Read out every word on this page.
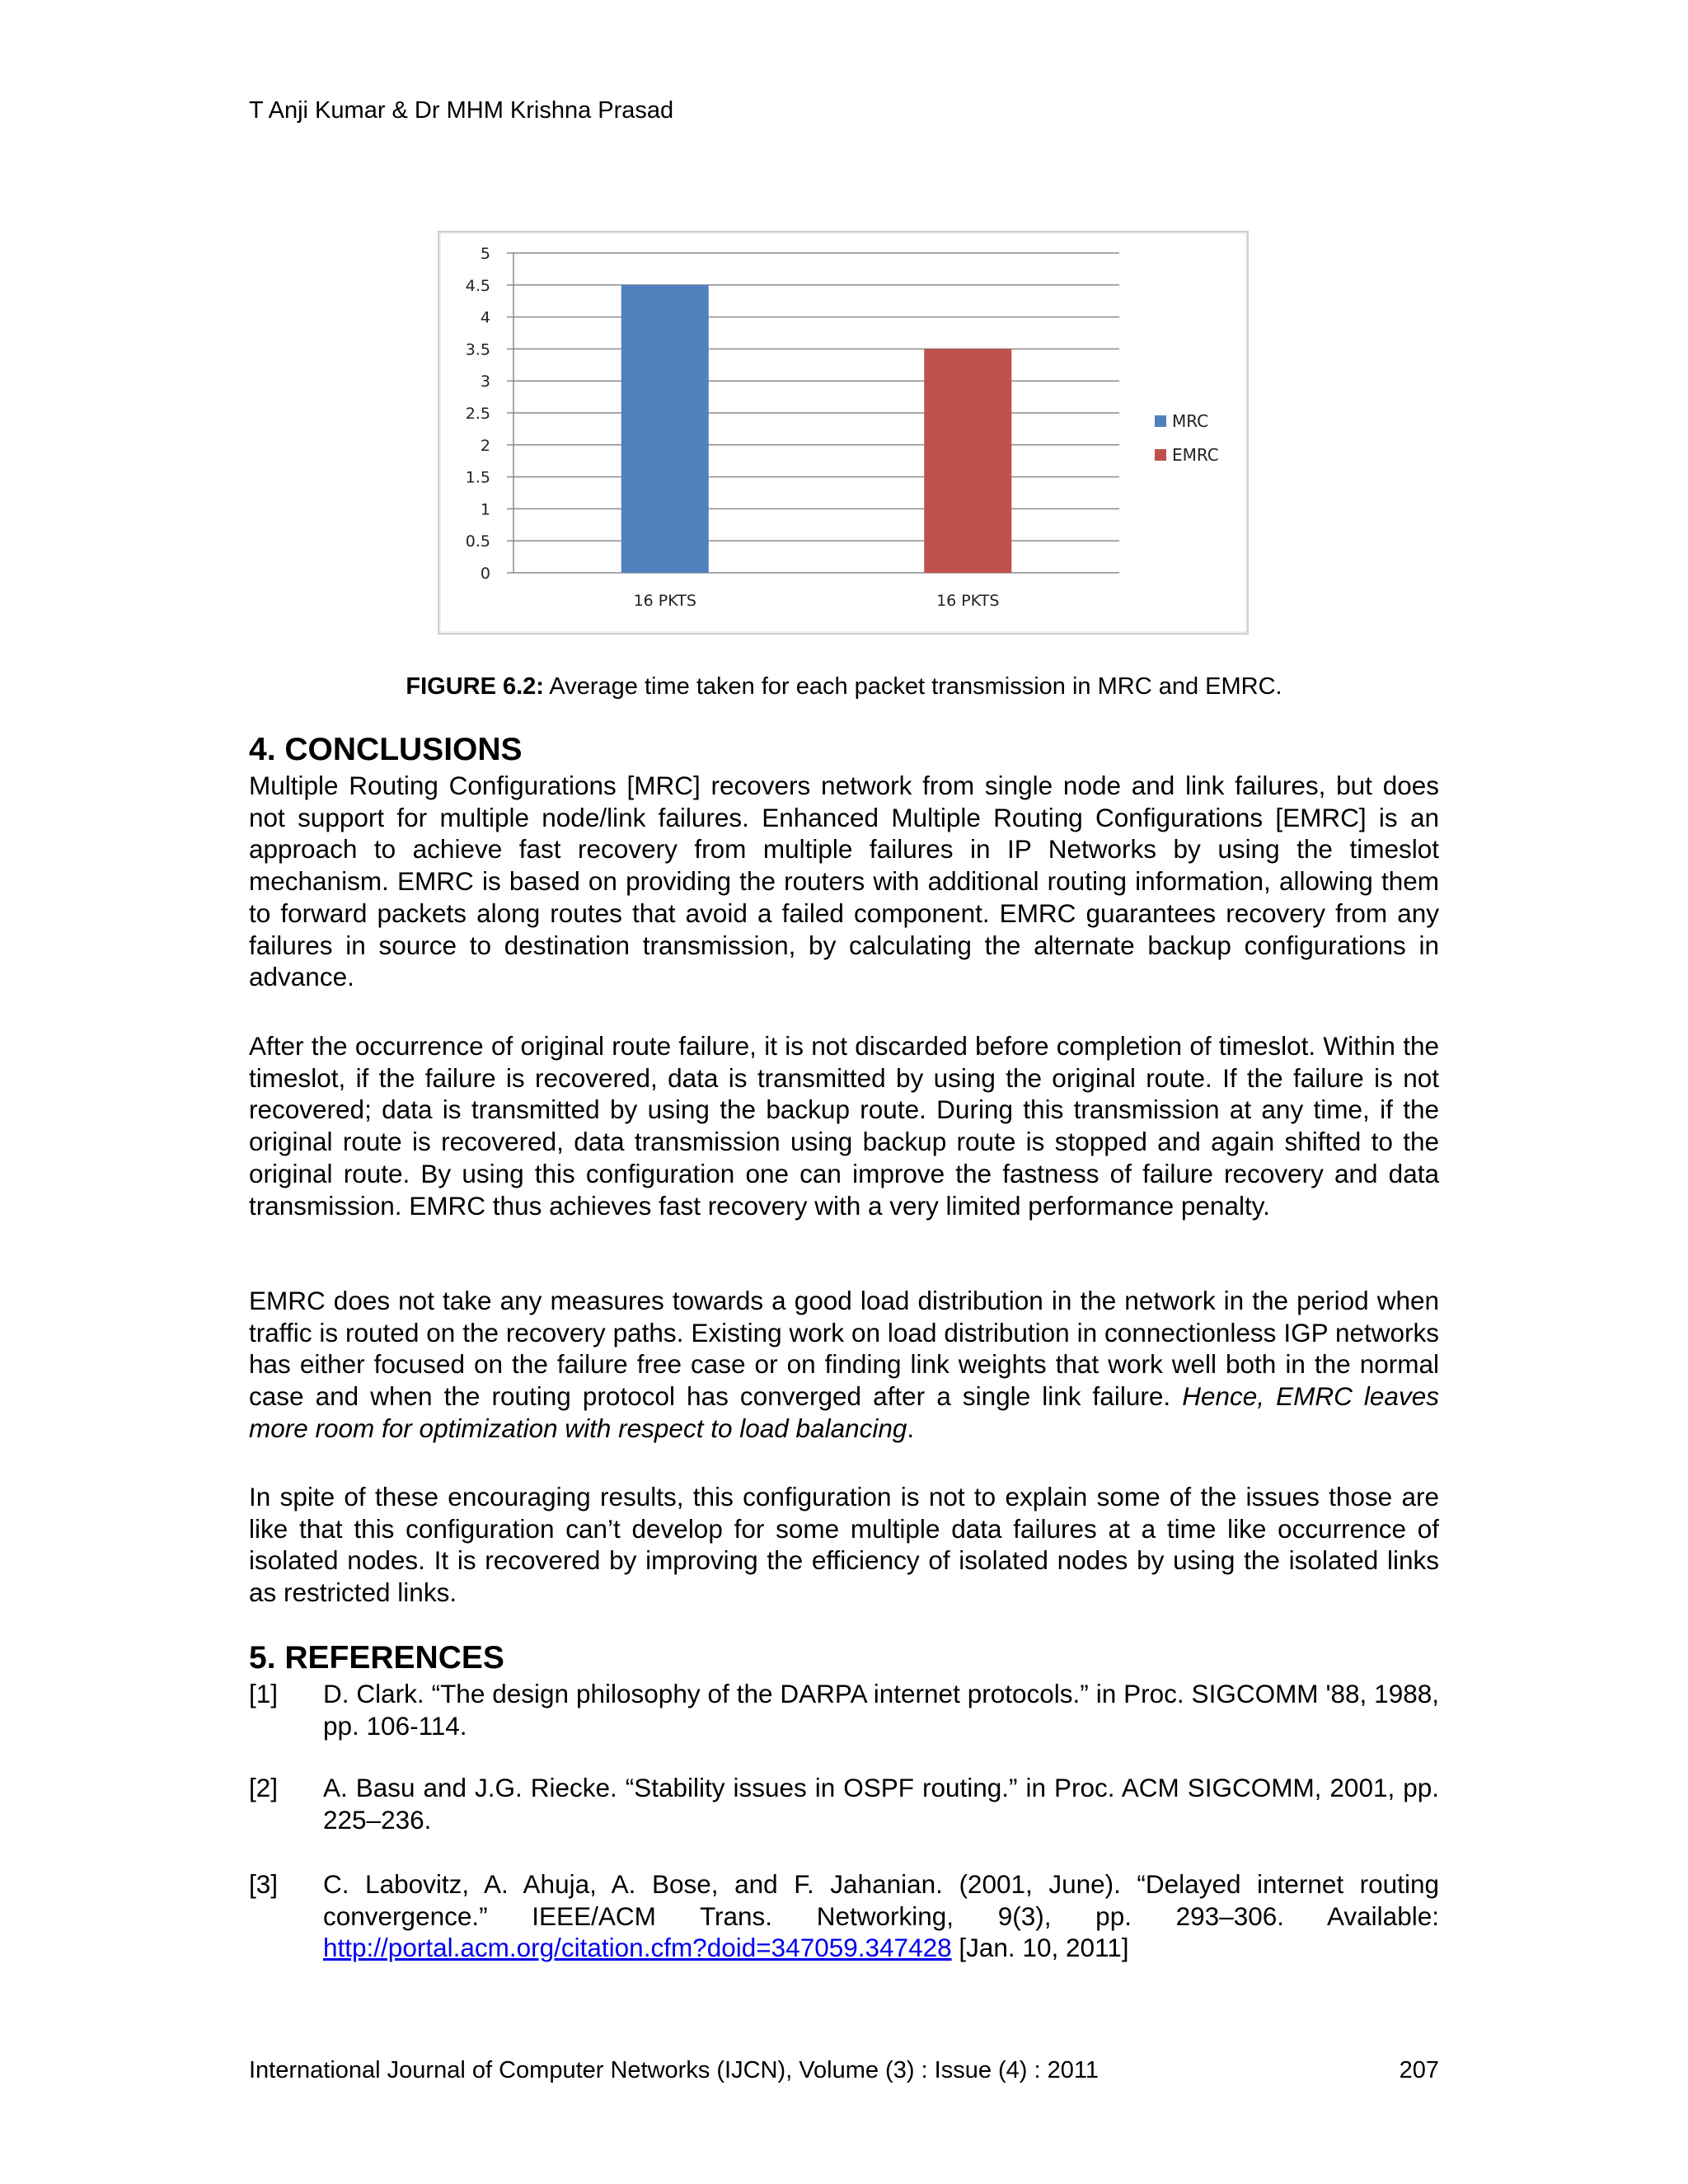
T Anji Kumar & Dr MHM Krishna Prasad
0
0.5
1
1.5
2
2.5
3
3.5
4
4.5
5
16 PKTS	16 PKTS
MRC
EMRC
FIGURE 6.2: Average time taken for each packet transmission in MRC and EMRC.
4. CONCLUSIONS
Multiple Routing Configurations [MRC] recovers network from single node and link failures, but does not support for multiple node/link failures. Enhanced Multiple Routing Configurations [EMRC] is an approach to achieve fast recovery from multiple failures in IP Networks by using the timeslot mechanism. EMRC is based on providing the routers with additional routing information, allowing them to forward packets along routes that avoid a failed component. EMRC guarantees recovery from any failures in source to destination transmission, by calculating the alternate backup configurations in advance.
After the occurrence of original route failure, it is not discarded before completion of timeslot. Within the timeslot, if the failure is recovered, data is transmitted by using the original route. If the failure is not recovered; data is transmitted by using the backup route. During this transmission at any time, if the original route is recovered, data transmission using backup route is stopped and again shifted to the original route. By using this configuration one can improve the fastness of failure recovery and data transmission. EMRC thus achieves fast recovery with a very limited performance penalty.
EMRC does not take any measures towards a good load distribution in the network in the period when traffic is routed on the recovery paths. Existing work on load distribution in connectionless IGP networks has either focused on the failure free case or on finding link weights that work well both in the normal case and when the routing protocol has converged after a single link failure. Hence, EMRC leaves more room for optimization with respect to load balancing.
In spite of these encouraging results, this configuration is not to explain some of the issues those are like that this configuration can’t develop for some multiple data failures at a time like occurrence of isolated nodes. It is recovered by improving the efficiency of isolated nodes by using the isolated links as restricted links.
5. REFERENCES
[1] D. Clark. “The design philosophy of the DARPA internet protocols.” in Proc. SIGCOMM '88, 1988, pp. 106-114.
[2] A. Basu and J.G. Riecke. “Stability issues in OSPF routing.” in Proc. ACM SIGCOMM, 2001, pp. 225–236.
[3] C. Labovitz, A. Ahuja, A. Bose, and F. Jahanian. (2001, June). “Delayed internet routing convergence.” IEEE/ACM Trans. Networking, 9(3), pp. 293–306. Available: http://portal.acm.org/citation.cfm?doid=347059.347428 [Jan. 10, 2011]
International Journal of Computer Networks (IJCN), Volume (3) : Issue (4) : 2011	207
